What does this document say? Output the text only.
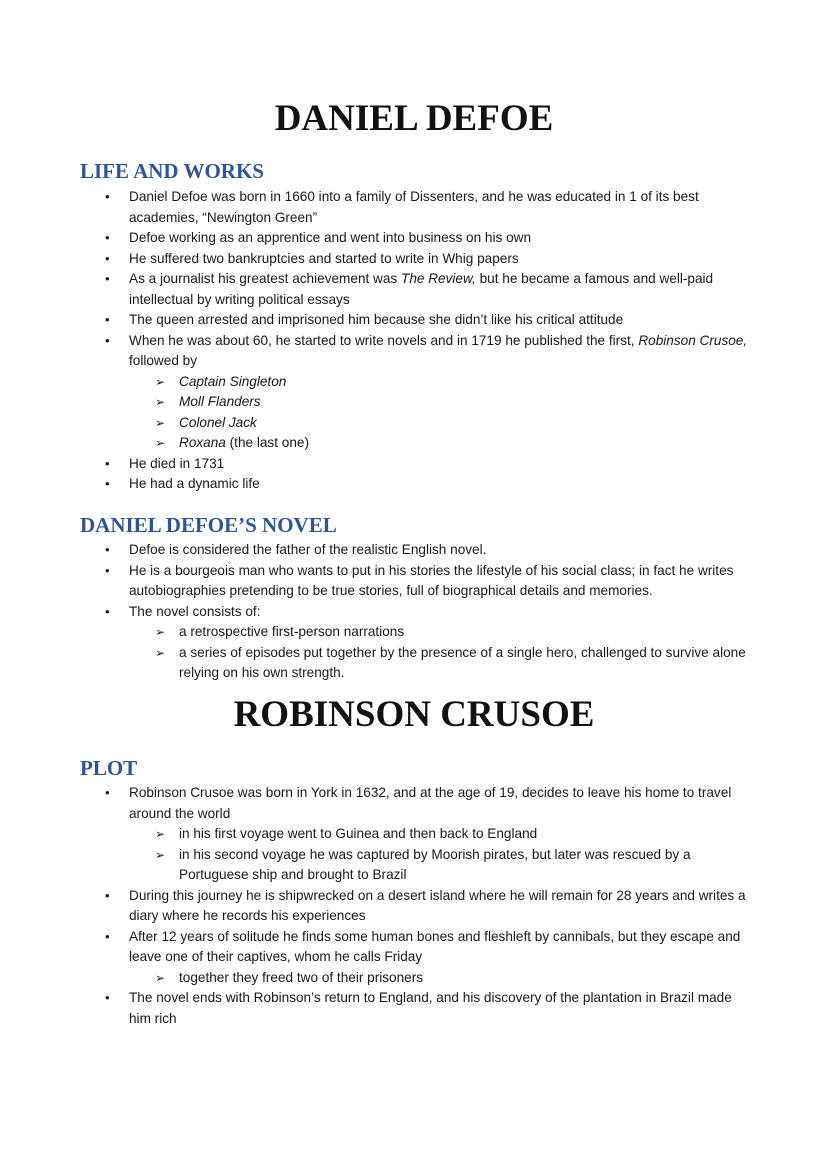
DANIEL DEFOE
LIFE AND WORKS
• Daniel Defoe was born in 1660 into a family of Dissenters, and he was educated in 1 of its best academies, “Newington Green”
• Defoe working as an apprentice and went into business on his own
• He suffered two bankruptcies and started to write in Whig papers
• As a journalist his greatest achievement was The Review, but he became a famous and well-paid intellectual by writing political essays
• The queen arrested and imprisoned him because she didn’t like his critical attitude
• When he was about 60, he started to write novels and in 1719 he published the first, Robinson Crusoe, followed by
➢ Captain Singleton
➢ Moll Flanders
➢ Colonel Jack
➢ Roxana (the last one)
• He died in 1731
• He had a dynamic life
DANIEL DEFOE’S NOVEL
• Defoe is considered the father of the realistic English novel.
• He is a bourgeois man who wants to put in his stories the lifestyle of his social class; in fact he writes autobiographies pretending to be true stories, full of biographical details and memories.
• The novel consists of:
➢ a retrospective first-person narrations
➢ a series of episodes put together by the presence of a single hero, challenged to survive alone relying on his own strength.
ROBINSON CRUSOE
PLOT
• Robinson Crusoe was born in York in 1632, and at the age of 19, decides to leave his home to travel around the world
➢ in his first voyage went to Guinea and then back to England
➢ in his second voyage he was captured by Moorish pirates, but later was rescued by a Portuguese ship and brought to Brazil
• During this journey he is shipwrecked on a desert island where he will remain for 28 years and writes a diary where he records his experiences
• After 12 years of solitude he finds some human bones and fleshleft by cannibals, but they escape and leave one of their captives, whom he calls Friday
➢ together they freed two of their prisoners
• The novel ends with Robinson’s return to England, and his discovery of the plantation in Brazil made him rich
